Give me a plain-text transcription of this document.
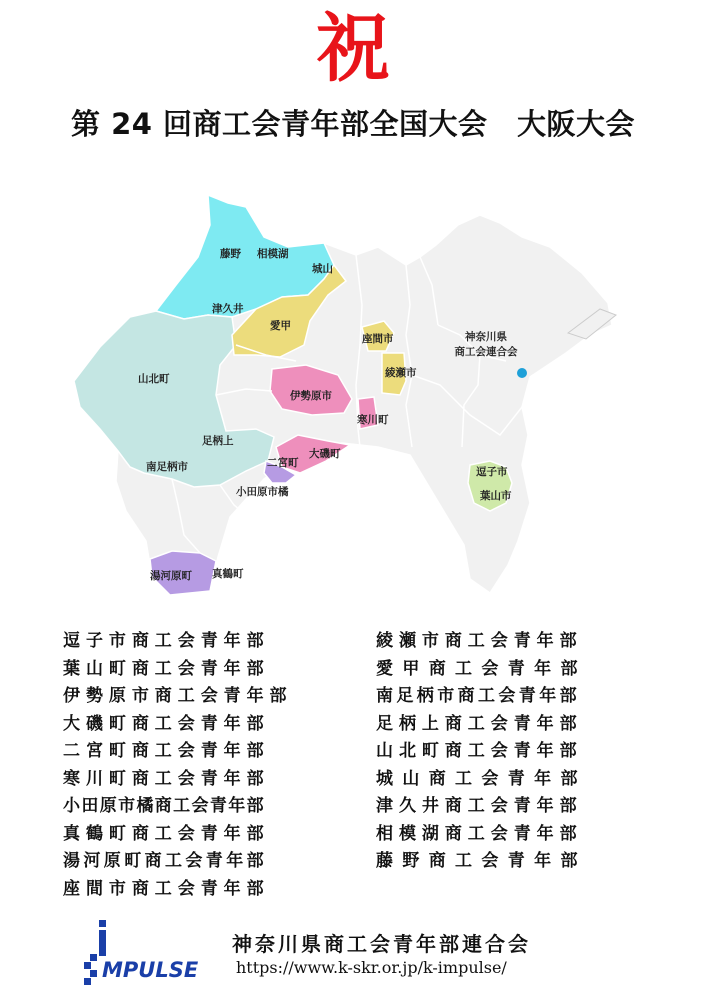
祝
第 24 回商工会青年部全国大会　大阪大会
藤野 相模湖
城山
津久井
愛甲
座間市	神奈川県
商工会連合会
綾瀬市
山北町
伊勢原市
寒川町
足柄上
大磯町
二宮町
南足柄市	逗子市
小田原市橘	葉山市
湯河原町 真鶴町
逗子市商工会青年部
葉山町商工会青年部
伊勢原市商工会青年部
大磯町商工会青年部
二宮町商工会青年部
寒川町商工会青年部
小田原市橘商工会青年部
真鶴町商工会青年部
湯河原町商工会青年部
座間市商工会青年部
綾瀬市商工会青年部
愛甲商工会青年部
南足柄市商工会青年部
足柄上商工会青年部
山北町商工会青年部
城山商工会青年部
津久井商工会青年部
相模湖商工会青年部
藤野商工会青年部
MPULSE
神奈川県商工会青年部連合会
https://www.k-skr.or.jp/k-impulse/
